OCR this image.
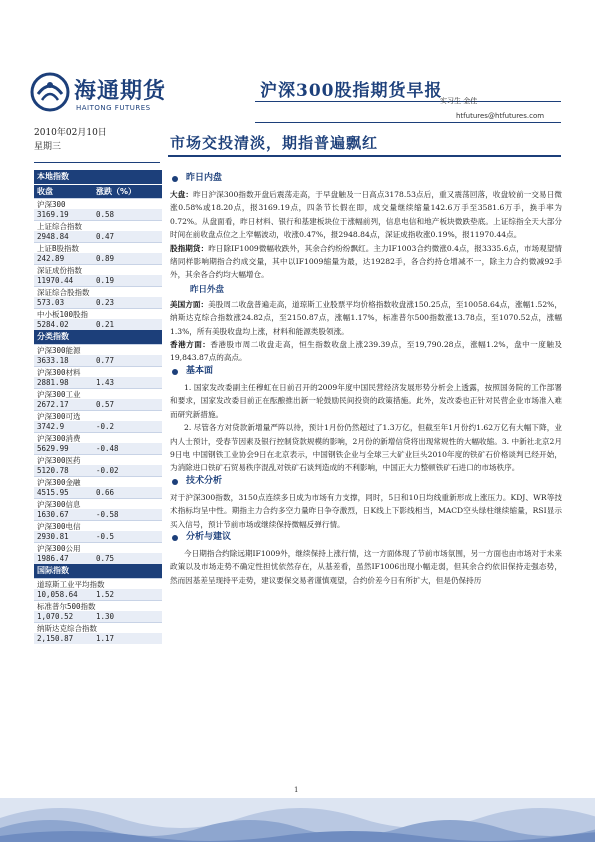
海通期货
HAITONG FUTURES
沪深300股指期货早报
实习生 金佳
htfutures@htfutures.com
2010年02月10日
星期三	市场交投清淡，期指普遍飘红
本地指数
收盘	涨跌（%）
沪深300
3169.19	0.58
上证综合指数
2948.84	0.47
上证B股指数
242.89	0.89
深证成份指数
11970.44	0.19
深证综合股指数
573.03	0.23
中小板100股指
5284.02	0.21
分类指数
沪深300能源
3633.18	0.77
沪深300材料
2881.98	1.43
沪深300工业
2672.17	0.57
沪深300可选
3742.9	-0.2
沪深300消费
5629.99	-0.48
沪深300医药
5120.78	-0.02
沪深300金融
4515.95	0.66
沪深300信息
1630.67	-0.58
沪深300电信
2930.81	-0.5
沪深300公用
1986.47	0.75
国际指数
道琼斯工业平均指数
10,058.64	1.52
标准普尔500指数
1,070.52	1.30
纳斯达克综合指数
2,150.87	1.17
昨日内盘

大盘：昨日沪深300指数开盘后震荡走高，于早盘触及一日高点3178.53点后，重又震荡回落，收盘较前一交易日微涨0.58%或18.20点，报3169.19点，四条节长假在即，成交量继续缩量142.6万手至3581.6万手，换手率为0.72%。从盘面看，昨日材料、银行和基建板块位于涨幅前列，信息电信和地产板块微跌垫底。上证综指全天大部分时间在前收盘点位之上窄幅波动，收涨0.47%，报2948.84点，深证成指收涨0.19%，报11970.44点。

股指期货：昨日除IF1009微幅收跌外，其余合约纷纷飘红。主力IF1003合约微涨0.4点，报3335.6点，市场观望情绪同样影响期指合约成交量，其中以IF1009缩量为最，达19282手，各合约持仓增减不一，除主力合约微减92手外，其余各合约均大幅增仓。

昨日外盘

美国方面：美股周二收盘普遍走高，道琼斯工业股票平均价格指数收盘涨150.25点，至10058.64点，涨幅1.52%，纳斯达克综合指数涨24.82点，至2150.87点，涨幅1.17%，标准普尔500指数涨13.78点，至1070.52点，涨幅1.3%，所有美股收盘均上涨，材料和能源类股领涨。

香港方面：香港股市周二收盘走高，恒生指数收盘上涨239.39点，至19,790.28点，涨幅1.2%，盘中一度触及19,843.87点的高点。

基本面

1. 国家发改委副主任穆虹在日前召开的2009年度中国民营经济发展形势分析会上透露，按照国务院的工作部署和要求，国家发改委目前正在酝酿推出新一轮鼓励民间投资的政策措施。此外，发改委也正针对民营企业市场准入难而研究新措施。

2. 尽管各方对贷款新增量严阵以待，预计1月份仍然超过了1.3万亿，但截至年1月份约1.62万亿有大幅下降，业内人士预计，受春节因素及银行控制贷款规模的影响，2月份的新增信贷将出现常规性的大幅收缩。3. 中新社北京2月9日电 中国钢铁工业协会9日在北京表示，中国钢铁企业与全球三大矿业巨头2010年度的铁矿石价格谈判已经开始，为消除进口铁矿石贸易秩序混乱对铁矿石谈判造成的不利影响，中国正大力整顿铁矿石进口的市场秩序。

技术分析

对于沪深300指数，3150点连续多日成为市场有力支撑，同时，5日和10日均线重新形成上涨压力。KDJ、WR等技术指标均呈中性。期指主力合约多空力量昨日争夺激烈，日K线上下影线相当，MACD空头绿柱继续缩量，RSI显示买入信号，预计节前市场或继续保持微幅反弹行情。

分析与建议

今日期指合约除远期IF1009外，继续保持上涨行情，这一方面体现了节前市场氛围，另一方面也由市场对于未来政策以及市场走势不确定性担忧依然存在，从基差看，虽然IF1006出现小幅走弱，但其余合约依旧保持走强态势，然而因基差呈现持平走势，建议要保交易者谨慎观望，合约价差今日有所扩大，但是仍保持历

1
